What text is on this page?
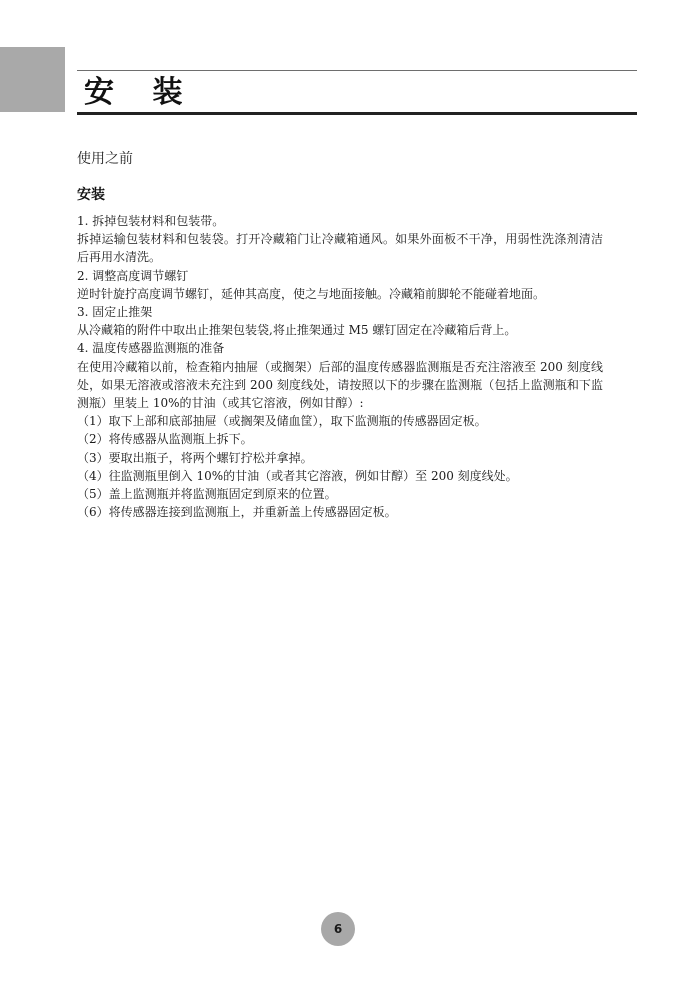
安 装
使用之前
安装

1. 拆掉包装材料和包装带。

拆掉运输包装材料和包装袋。打开冷藏箱门让冷藏箱通风。如果外面板不干净，用弱性洗涤剂清洁后再用水清洗。

2. 调整高度调节螺钉

逆时针旋拧高度调节螺钉，延伸其高度，使之与地面接触。冷藏箱前脚轮不能碰着地面。

3. 固定止推架

从冷藏箱的附件中取出止推架包装袋,将止推架通过 M5 螺钉固定在冷藏箱后背上。

4. 温度传感器监测瓶的准备

在使用冷藏箱以前，检查箱内抽屉（或搁架）后部的温度传感器监测瓶是否充注溶液至 200 刻度线处，如果无溶液或溶液未充注到 200 刻度线处，请按照以下的步骤在监测瓶（包括上监测瓶和下监测瓶）里装上 10%的甘油（或其它溶液，例如甘醇）:

（1）取下上部和底部抽屉（或搁架及储血筐），取下监测瓶的传感器固定板。

（2）将传感器从监测瓶上拆下。

（3）要取出瓶子，将两个螺钉拧松并拿掉。

（4）往监测瓶里倒入 10%的甘油（或者其它溶液，例如甘醇）至 200 刻度线处。

（5）盖上监测瓶并将监测瓶固定到原来的位置。

（6）将传感器连接到监测瓶上，并重新盖上传感器固定板。

6
